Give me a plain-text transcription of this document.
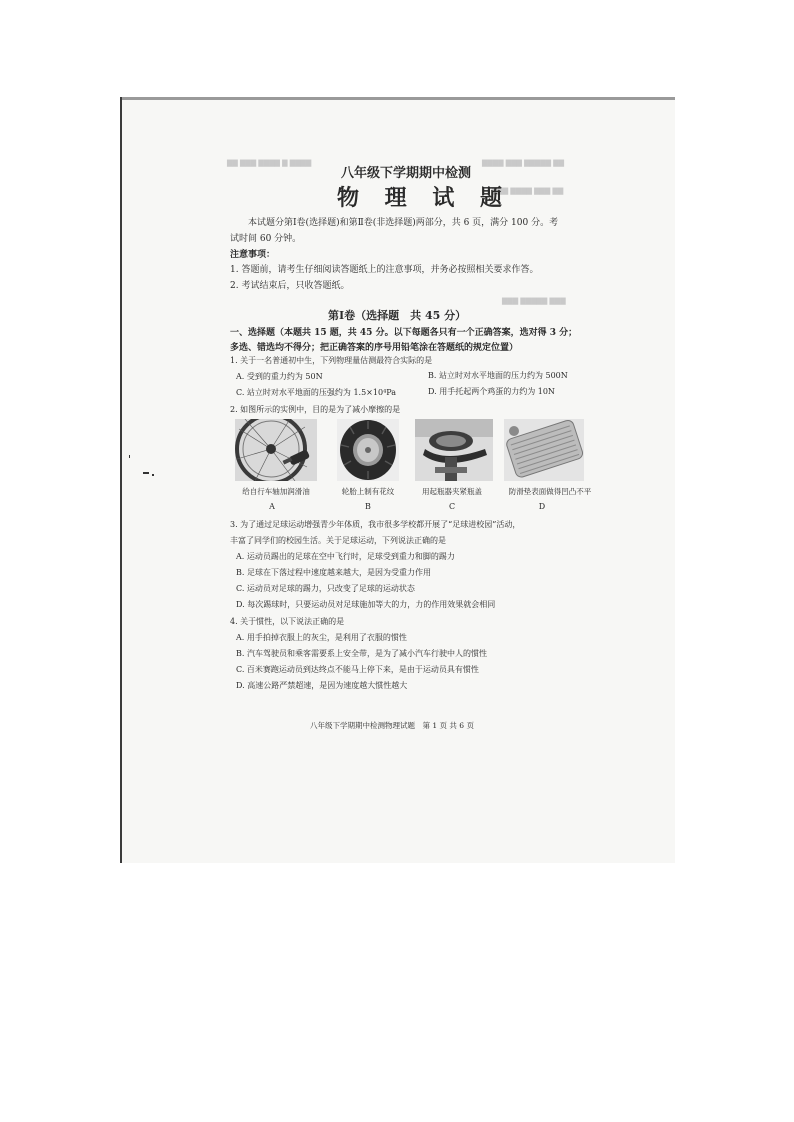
▇▇ ▇▇▇ ▇▇▇▇ ▇ ▇▇▇▇	▇▇▇▇ ▇▇▇ ▇▇▇▇▇ ▇▇
▇▇▇ ▇▇▇▇ ▇▇▇ ▇▇
▇▇▇ ▇▇▇▇▇ ▇▇▇
八年级下学期期中检测
物 理 试 题
本试题分第Ⅰ卷(选择题)和第Ⅱ卷(非选择题)两部分，共 6 页，满分 100 分。考
试时间 60 分钟。
注意事项：
1. 答题前，请考生仔细阅读答题纸上的注意事项，并务必按照相关要求作答。
2. 考试结束后，只收答题纸。
第Ⅰ卷（选择题　共 45 分）
一、选择题（本题共 15 题，共 45 分。以下每题各只有一个正确答案，选对得 3 分；
多选、错选均不得分；把正确答案的序号用铅笔涂在答题纸的规定位置）
1. 关于一名普通初中生，下列物理量估测最符合实际的是
A. 受到的重力约为 50N	B. 站立时对水平地面的压力约为 500N
C. 站立时对水平地面的压强约为 1.5×10⁴Pa	D. 用手托起两个鸡蛋的力约为 10N
2. 如图所示的实例中，目的是为了减小摩擦的是
给自行车轴加润滑油	轮胎上制有花纹	用起瓶器夹紧瓶盖	防滑垫表面做得凹凸不平
A	B	C	D
3. 为了通过足球运动增强青少年体质，我市很多学校都开展了“足球进校园”活动，
丰富了同学们的校园生活。关于足球运动，下列说法正确的是
A. 运动员踢出的足球在空中飞行时，足球受到重力和脚的踢力
B. 足球在下落过程中速度越来越大，是因为受重力作用
C. 运动员对足球的踢力，只改变了足球的运动状态
D. 每次踢球时，只要运动员对足球施加等大的力，力的作用效果就会相同
4. 关于惯性，以下说法正确的是
A. 用手拍掉衣服上的灰尘，是利用了衣服的惯性
B. 汽车驾驶员和乘客需要系上安全带，是为了减小汽车行驶中人的惯性
C. 百米赛跑运动员到达终点不能马上停下来，是由于运动员具有惯性
D. 高速公路严禁超速，是因为速度越大惯性越大
八年级下学期期中检测物理试题　第 1 页 共 6 页
